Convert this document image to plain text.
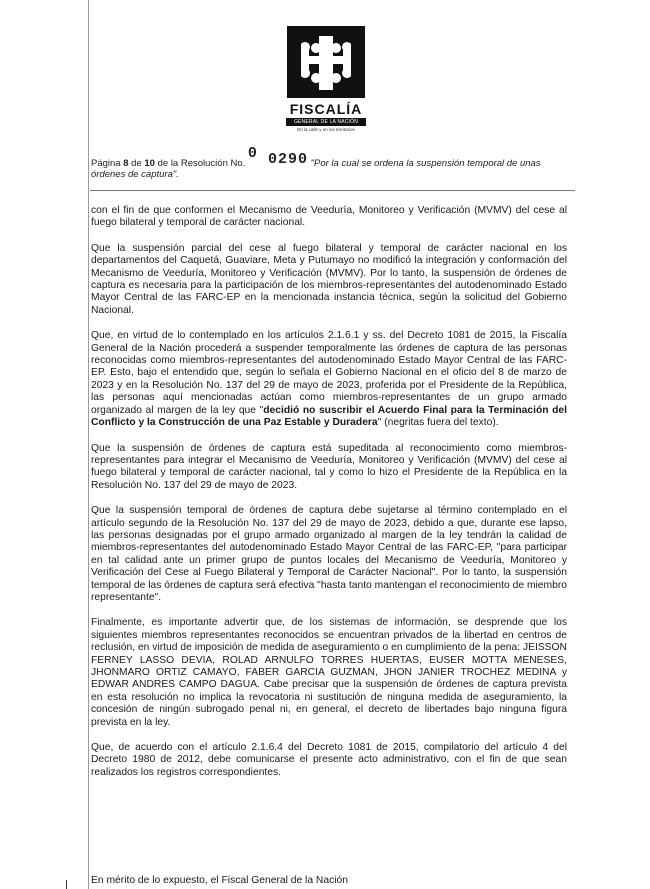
FISCALÍA
GENERAL DE LA NACIÓN
En la calle y en los territorios
Página 8 de 10 de la Resolución No. 0 0290 "Por la cual se ordena la suspensión temporal de unas órdenes de captura".

con el fin de que conformen el Mecanismo de Veeduría, Monitoreo y Verificación (MVMV) del cese al fuego bilateral y temporal de carácter nacional.

Que la suspensión parcial del cese al fuego bilateral y temporal de carácter nacional en los departamentos del Caquetá, Guaviare, Meta y Putumayo no modificó la integración y conformación del Mecanismo de Veeduría, Monitoreo y Verificación (MVMV). Por lo tanto, la suspensión de órdenes de captura es necesaria para la participación de los miembros-representantes del autodenominado Estado Mayor Central de las FARC-EP en la mencionada instancia técnica, según la solicitud del Gobierno Nacional.

Que, en virtud de lo contemplado en los artículos 2.1.6.1 y ss. del Decreto 1081 de 2015, la Fiscalía General de la Nación procederá a suspender temporalmente las órdenes de captura de las personas reconocidas como miembros-representantes del autodenominado Estado Mayor Central de las FARC-EP. Esto, bajo el entendido que, según lo señala el Gobierno Nacional en el oficio del 8 de marzo de 2023 y en la Resolución No. 137 del 29 de mayo de 2023, proferida por el Presidente de la República, las personas aquí mencionadas actúan como miembros-representantes de un grupo armado organizado al margen de la ley que "decidió no suscribir el Acuerdo Final para la Terminación del Conflicto y la Construcción de una Paz Estable y Duradera" (negritas fuera del texto).

Que la suspensión de órdenes de captura está supeditada al reconocimiento como miembros-representantes para integrar el Mecanismo de Veeduría, Monitoreo y Verificación (MVMV) del cese al fuego bilateral y temporal de carácter nacional, tal y como lo hizo el Presidente de la República en la Resolución No. 137 del 29 de mayo de 2023.

Que la suspensión temporal de órdenes de captura debe sujetarse al término contemplado en el artículo segundo de la Resolución No. 137 del 29 de mayo de 2023, debido a que, durante ese lapso, las personas designadas por el grupo armado organizado al margen de la ley tendrán la calidad de miembros-representantes del autodenominado Estado Mayor Central de las FARC-EP, "para participar en tal calidad ante un primer grupo de puntos locales del Mecanismo de Veeduría, Monitoreo y Verificación del Cese al Fuego Bilateral y Temporal de Carácter Nacional". Por lo tanto, la suspensión temporal de las órdenes de captura será efectiva "hasta tanto mantengan el reconocimiento de miembro representante".

Finalmente, es importante advertir que, de los sistemas de información, se desprende que los siguientes miembros representantes reconocidos se encuentran privados de la libertad en centros de reclusión, en virtud de imposición de medida de aseguramiento o en cumplimiento de la pena: JEISSON FERNEY LASSO DEVIA, ROLAD ARNULFO TORRES HUERTAS, EUSER MOTTA MENESES, JHONMARO ORTIZ CAMAYO, FABER GARCIA GUZMAN, JHON JANIER TROCHEZ MEDINA y EDWAR ANDRES CAMPO DAGUA. Cabe precisar que la suspensión de órdenes de captura prevista en esta resolución no implica la revocatoria ni sustitución de ninguna medida de aseguramiento, la concesión de ningún subrogado penal ni, en general, el decreto de libertades bajo ninguna figura prevista en la ley.

Que, de acuerdo con el artículo 2.1.6.4 del Decreto 1081 de 2015, compilatorio del artículo 4 del Decreto 1980 de 2012, debe comunicarse el presente acto administrativo, con el fin de que sean realizados los registros correspondientes.

En mérito de lo expuesto, el Fiscal General de la Nación
